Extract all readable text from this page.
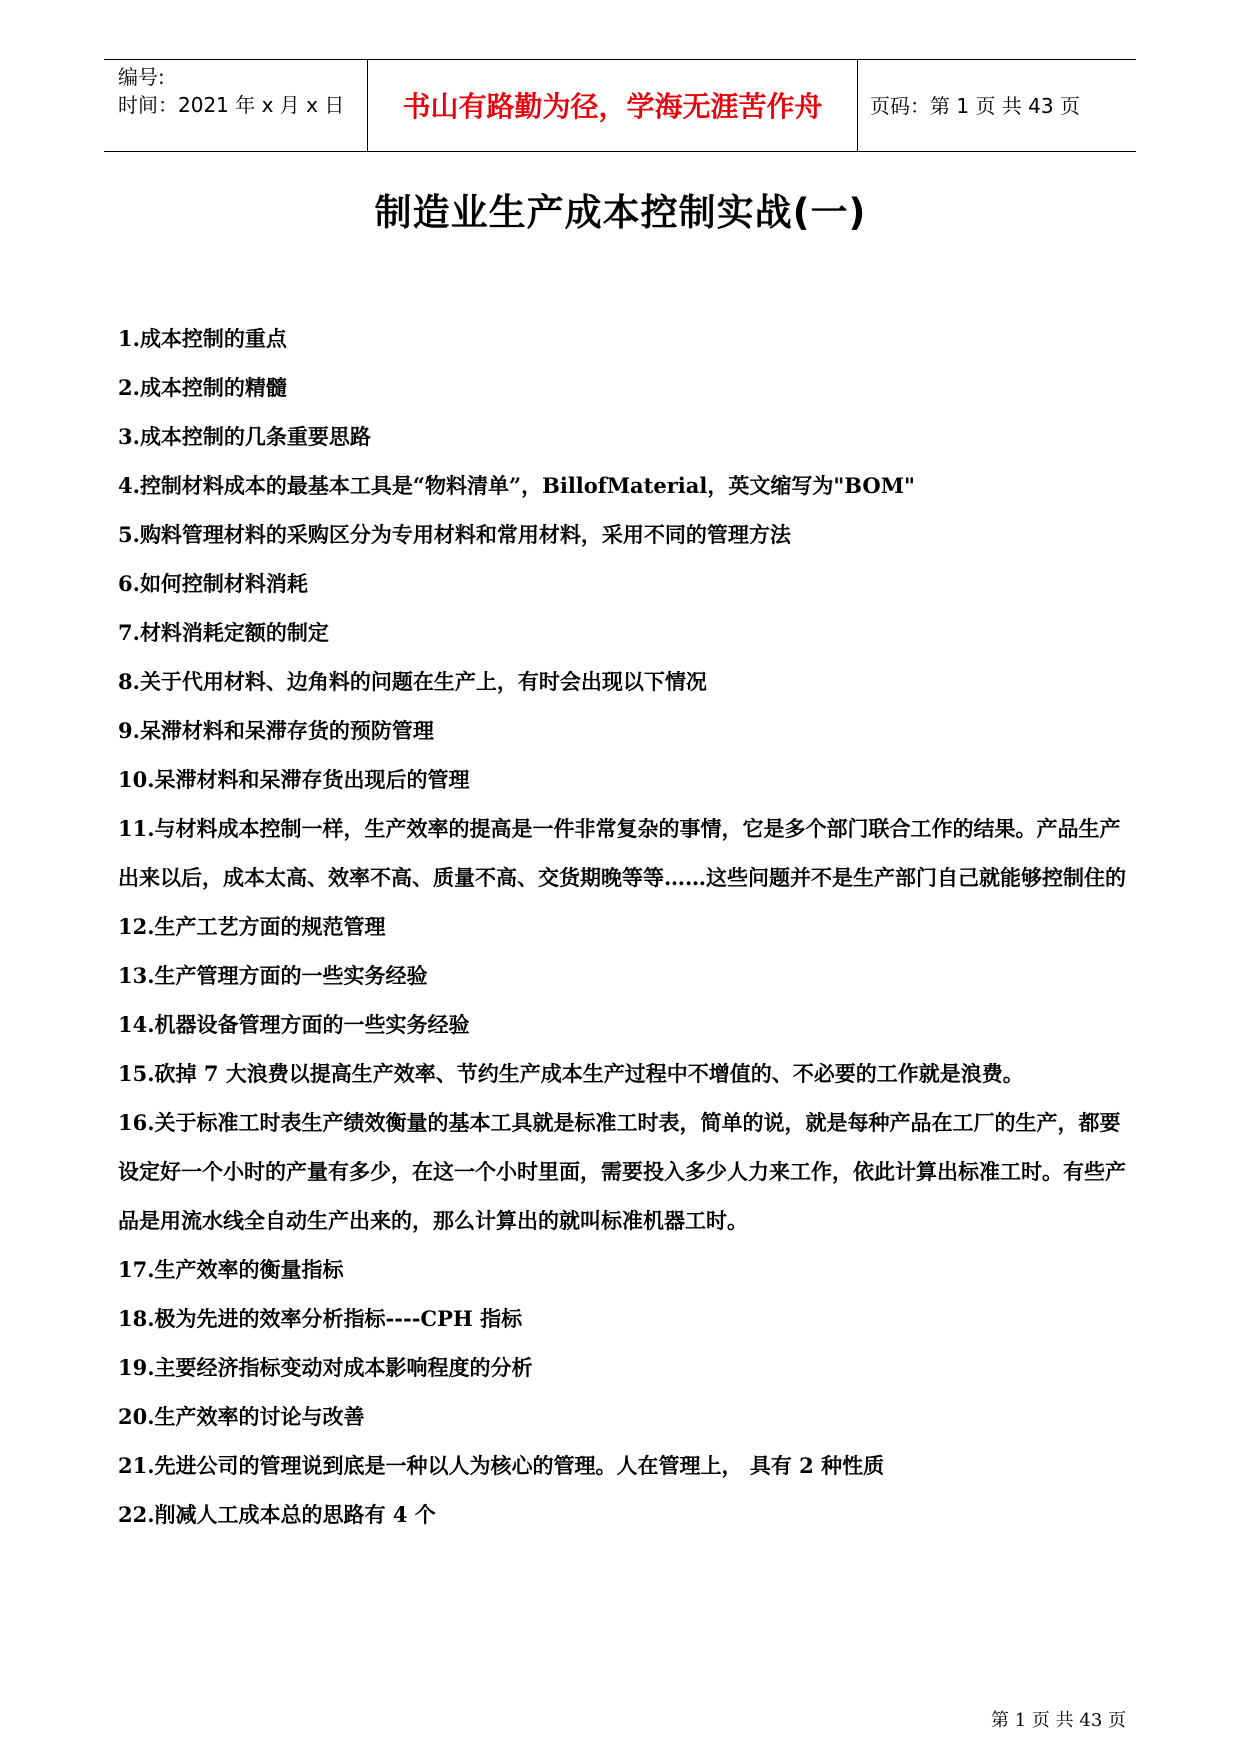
编号:
时间：2021 年 x 月 x 日	书山有路勤为径，学海无涯苦作舟	页码：第 1 页 共 43 页
制造业生产成本控制实战(一)
1.成本控制的重点
2.成本控制的精髓
3.成本控制的几条重要思路
4.控制材料成本的最基本工具是“物料清单”，BillofMaterial，英文缩写为"BOM"
5.购料管理材料的采购区分为专用材料和常用材料，采用不同的管理方法
6.如何控制材料消耗
7.材料消耗定额的制定
8.关于代用材料、边角料的问题在生产上，有时会出现以下情况
9.呆滞材料和呆滞存货的预防管理
10.呆滞材料和呆滞存货出现后的管理
11.与材料成本控制一样，生产效率的提高是一件非常复杂的事情，它是多个部门联合工作的结果。产品生产出来以后，成本太高、效率不高、质量不高、交货期晚等等……这些问题并不是生产部门自己就能够控制住的
12.生产工艺方面的规范管理
13.生产管理方面的一些实务经验
14.机器设备管理方面的一些实务经验
15.砍掉 7 大浪费以提高生产效率、节约生产成本生产过程中不增值的、不必要的工作就是浪费。
16.关于标准工时表生产绩效衡量的基本工具就是标准工时表，简单的说，就是每种产品在工厂的生产，都要设定好一个小时的产量有多少，在这一个小时里面，需要投入多少人力来工作，依此计算出标准工时。有些产品是用流水线全自动生产出来的，那么计算出的就叫标准机器工时。
17.生产效率的衡量指标
18.极为先进的效率分析指标----CPH 指标
19.主要经济指标变动对成本影响程度的分析
20.生产效率的讨论与改善
21.先进公司的管理说到底是一种以人为核心的管理。人在管理上， 具有 2 种性质
22.削减人工成本总的思路有 4 个
第 1 页 共 43 页
